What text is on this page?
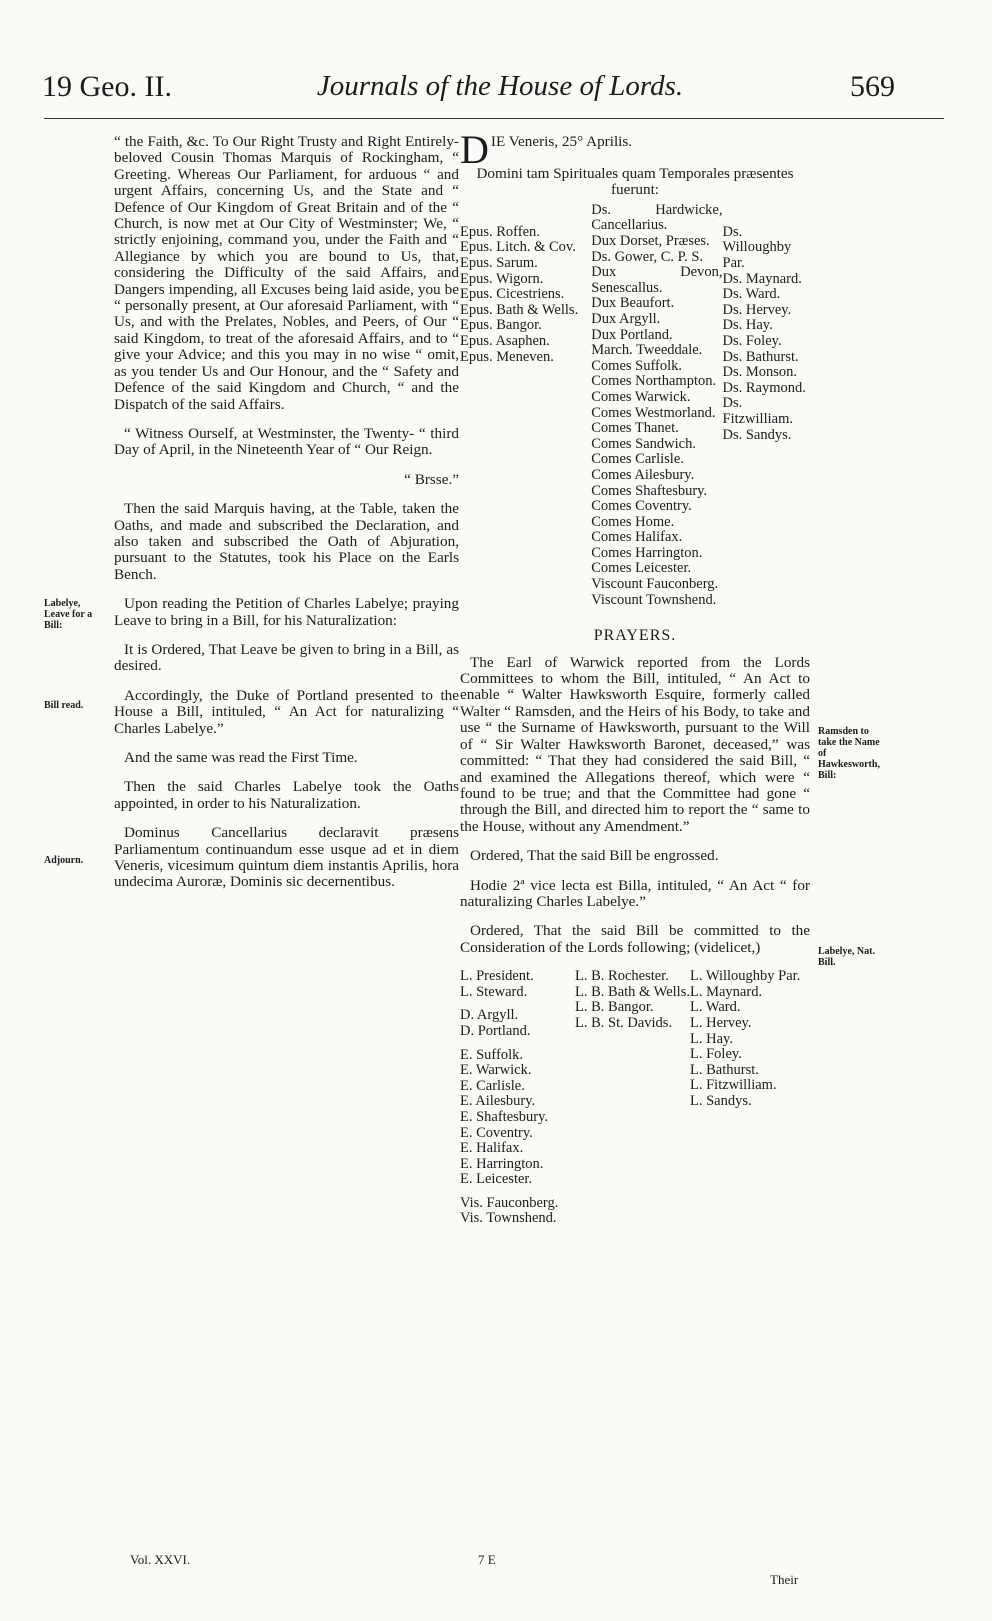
19 Geo. II.	Journals of the House of Lords.	569
Labelye, Leave for a Bill:
Bill read.
Adjourn.
Ramsden to take the Name of Hawkesworth, Bill:
Labelye, Nat. Bill.

“ the Faith, &c. To Our Right Trusty and Right Entirely-beloved Cousin Thomas Marquis of Rockingham, “ Greeting. Whereas Our Parliament, for arduous “ and urgent Affairs, concerning Us, and the State and “ Defence of Our Kingdom of Great Britain and of the “ Church, is now met at Our City of Westminster; We, “ strictly enjoining, command you, under the Faith and “ Allegiance by which you are bound to Us, that, considering the Difficulty of the said Affairs, and Dangers impending, all Excuses being laid aside, you be “ personally present, at Our aforesaid Parliament, with “ Us, and with the Prelates, Nobles, and Peers, of Our “ said Kingdom, to treat of the aforesaid Affairs, and to “ give your Advice; and this you may in no wise “ omit, as you tender Us and Our Honour, and the “ Safety and Defence of the said Kingdom and Church, “ and the Dispatch of the said Affairs.

“ Witness Ourself, at Westminster, the Twenty- “ third Day of April, in the Nineteenth Year of “ Our Reign.

“ Brsse.”

Then the said Marquis having, at the Table, taken the Oaths, and made and subscribed the Declaration, and also taken and subscribed the Oath of Abjuration, pursuant to the Statutes, took his Place on the Earls Bench.

Upon reading the Petition of Charles Labelye; praying Leave to bring in a Bill, for his Naturalization:

It is Ordered, That Leave be given to bring in a Bill, as desired.

Accordingly, the Duke of Portland presented to the House a Bill, intituled, “ An Act for naturalizing “ Charles Labelye.”

And the same was read the First Time.

Then the said Charles Labelye took the Oaths appointed, in order to his Naturalization.

Dominus Cancellarius declaravit præsens Parliamentum continuandum esse usque ad et in diem Veneris, vicesimum quintum diem instantis Aprilis, hora undecima Auroræ, Dominis sic decernentibus.

D IE Veneris, 25° Aprilis.

Domini tam Spirituales quam Temporales præsentes fuerunt:

Epus. Roffen.
Epus. Litch. & Cov.
Epus. Sarum.
Epus. Wigorn.
Epus. Cicestriens.
Epus. Bath & Wells.
Epus. Bangor.
Epus. Asaphen.
Epus. Meneven.
Ds. Hardwicke, Cancellarius.
Dux Dorset, Præses.
Ds. Gower, C. P. S.
Dux Devon, Senescallus.
Dux Beaufort.
Dux Argyll.
Dux Portland.
March. Tweeddale.
Comes Suffolk.
Comes Northampton.
Comes Warwick.
Comes Westmorland.
Comes Thanet.
Comes Sandwich.
Comes Carlisle.
Comes Ailesbury.
Comes Shaftesbury.
Comes Coventry.
Comes Home.
Comes Halifax.
Comes Harrington.
Comes Leicester.
Viscount Fauconberg.
Viscount Townshend.
Ds. Willoughby Par.
Ds. Maynard.
Ds. Ward.
Ds. Hervey.
Ds. Hay.
Ds. Foley.
Ds. Bathurst.
Ds. Monson.
Ds. Raymond.
Ds. Fitzwilliam.
Ds. Sandys.
PRAYERS.

The Earl of Warwick reported from the Lords Committees to whom the Bill, intituled, “ An Act to enable “ Walter Hawksworth Esquire, formerly called Walter “ Ramsden, and the Heirs of his Body, to take and use “ the Surname of Hawksworth, pursuant to the Will of “ Sir Walter Hawksworth Baronet, deceased,” was committed: “ That they had considered the said Bill, “ and examined the Allegations thereof, which were “ found to be true; and that the Committee had gone “ through the Bill, and directed him to report the “ same to the House, without any Amendment.”

Ordered, That the said Bill be engrossed.

Hodie 2ª vice lecta est Billa, intituled, “ An Act “ for naturalizing Charles Labelye.”

Ordered, That the said Bill be committed to the Consideration of the Lords following; (videlicet,)

L. President.
L. Steward.

D. Argyll.
D. Portland.

E. Suffolk.
E. Warwick.
E. Carlisle.
E. Ailesbury.
E. Shaftesbury.
E. Coventry.
E. Halifax.
E. Harrington.
E. Leicester.

Vis. Fauconberg.
Vis. Townshend.
L. B. Rochester.
L. B. Bath & Wells.
L. B. Bangor.
L. B. St. Davids.
L. Willoughby Par.
L. Maynard.
L. Ward.
L. Hervey.
L. Hay.
L. Foley.
L. Bathurst.
L. Fitzwilliam.
L. Sandys.
Vol. XXVI.	7 E
Their
